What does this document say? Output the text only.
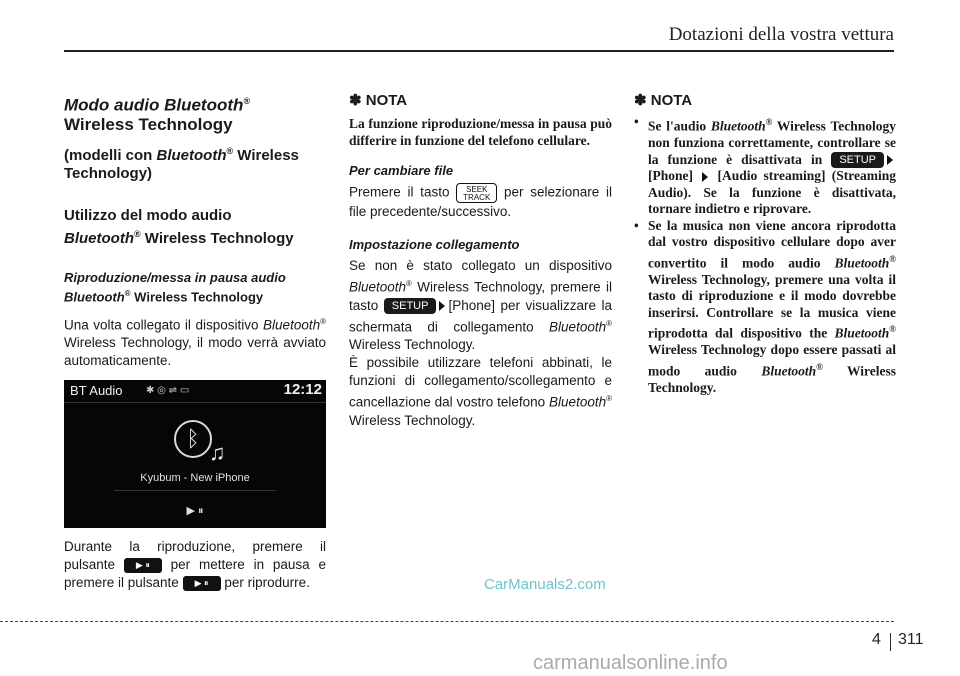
Dotazioni della vostra vettura
Modo audio Bluetooth®
Wireless Technology
(modelli con Bluetooth® Wireless Technology)
Utilizzo del modo audio
Bluetooth® Wireless Technology
Riproduzione/messa in pausa audio
Bluetooth® Wireless Technology

Una volta collegato il dispositivo Bluetooth® Wireless Technology, il modo verrà avviato automaticamente.

BT Audio ✱ ◎ ⇌ ▭	12:12
ᛒ
♫
Kyubum - New iPhone
▶ ⏸

Durante la riproduzione, premere il pulsante ▶ ⏸ per mettere in pausa e premere il pulsante ▶ ⏸ per riprodurre.

✽ NOTA

La funzione riproduzione/messa in pausa può differire in funzione del telefono cellulare.

Per cambiare file

Premere il tasto SEEK
TRACK per selezionare il file precedente/successivo.

Impostazione collegamento

Se non è stato collegato un dispositivo Bluetooth® Wireless Technology, premere il tasto SETUP [Phone] per visualizzare la schermata di collegamento Bluetooth® Wireless Technology.

È possibile utilizzare telefoni abbinati, le funzioni di collegamento/scollegamento e cancellazione dal vostro telefono Bluetooth® Wireless Technology.

✽ NOTA
• Se l'audio Bluetooth® Wireless Technology non funziona correttamente, controllare se la funzione è disattivata in SETUP[Phone]  [Audio streaming] (Streaming Audio). Se la funzione è disattivata, tornare indietro e riprovare.
• Se la musica non viene ancora riprodotta dal vostro dispositivo cellulare dopo aver convertito il modo audio Bluetooth® Wireless Technology, premere una volta il tasto di riproduzione e il modo dovrebbe inserirsi. Controllare se la musica viene riprodotta dal dispositivo the Bluetooth® Wireless Technology dopo essere passati al modo audio Bluetooth® Wireless Technology.
CarManuals2.com
4 311
carmanualsonline.info
